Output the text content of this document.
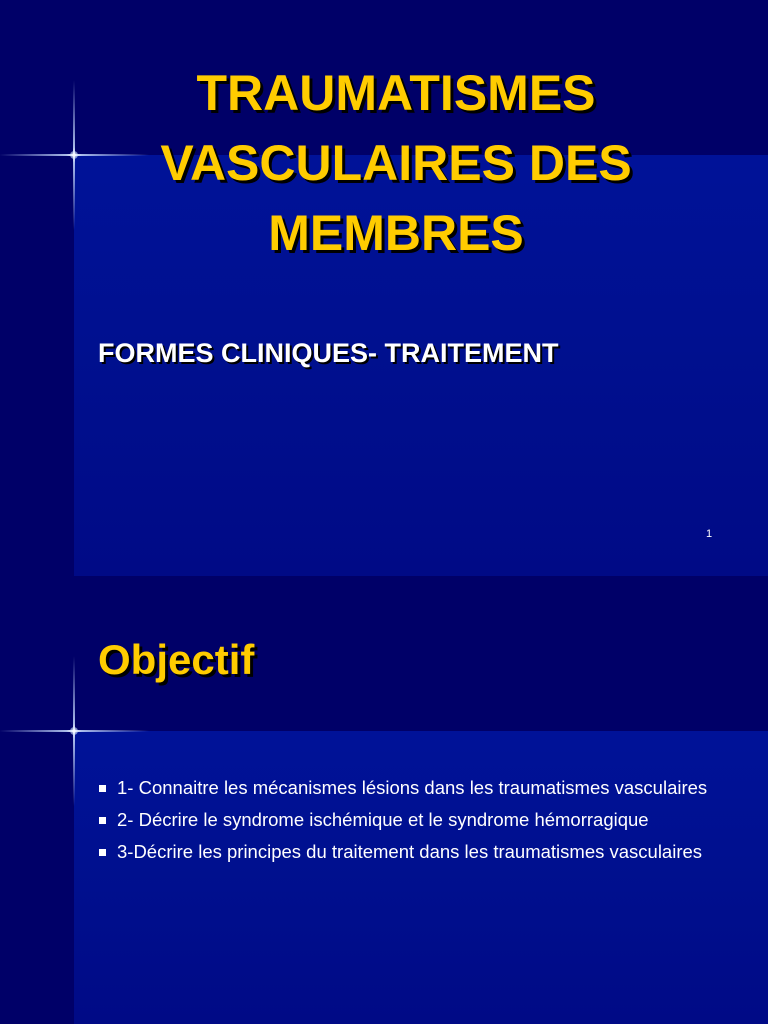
TRAUMATISMES VASCULAIRES DES MEMBRES
FORMES CLINIQUES- TRAITEMENT
1
Objectif
1- Connaitre les mécanismes lésions dans les traumatismes vasculaires
2- Décrire le syndrome ischémique et le syndrome hémorragique
3-Décrire les principes du traitement dans les traumatismes vasculaires
